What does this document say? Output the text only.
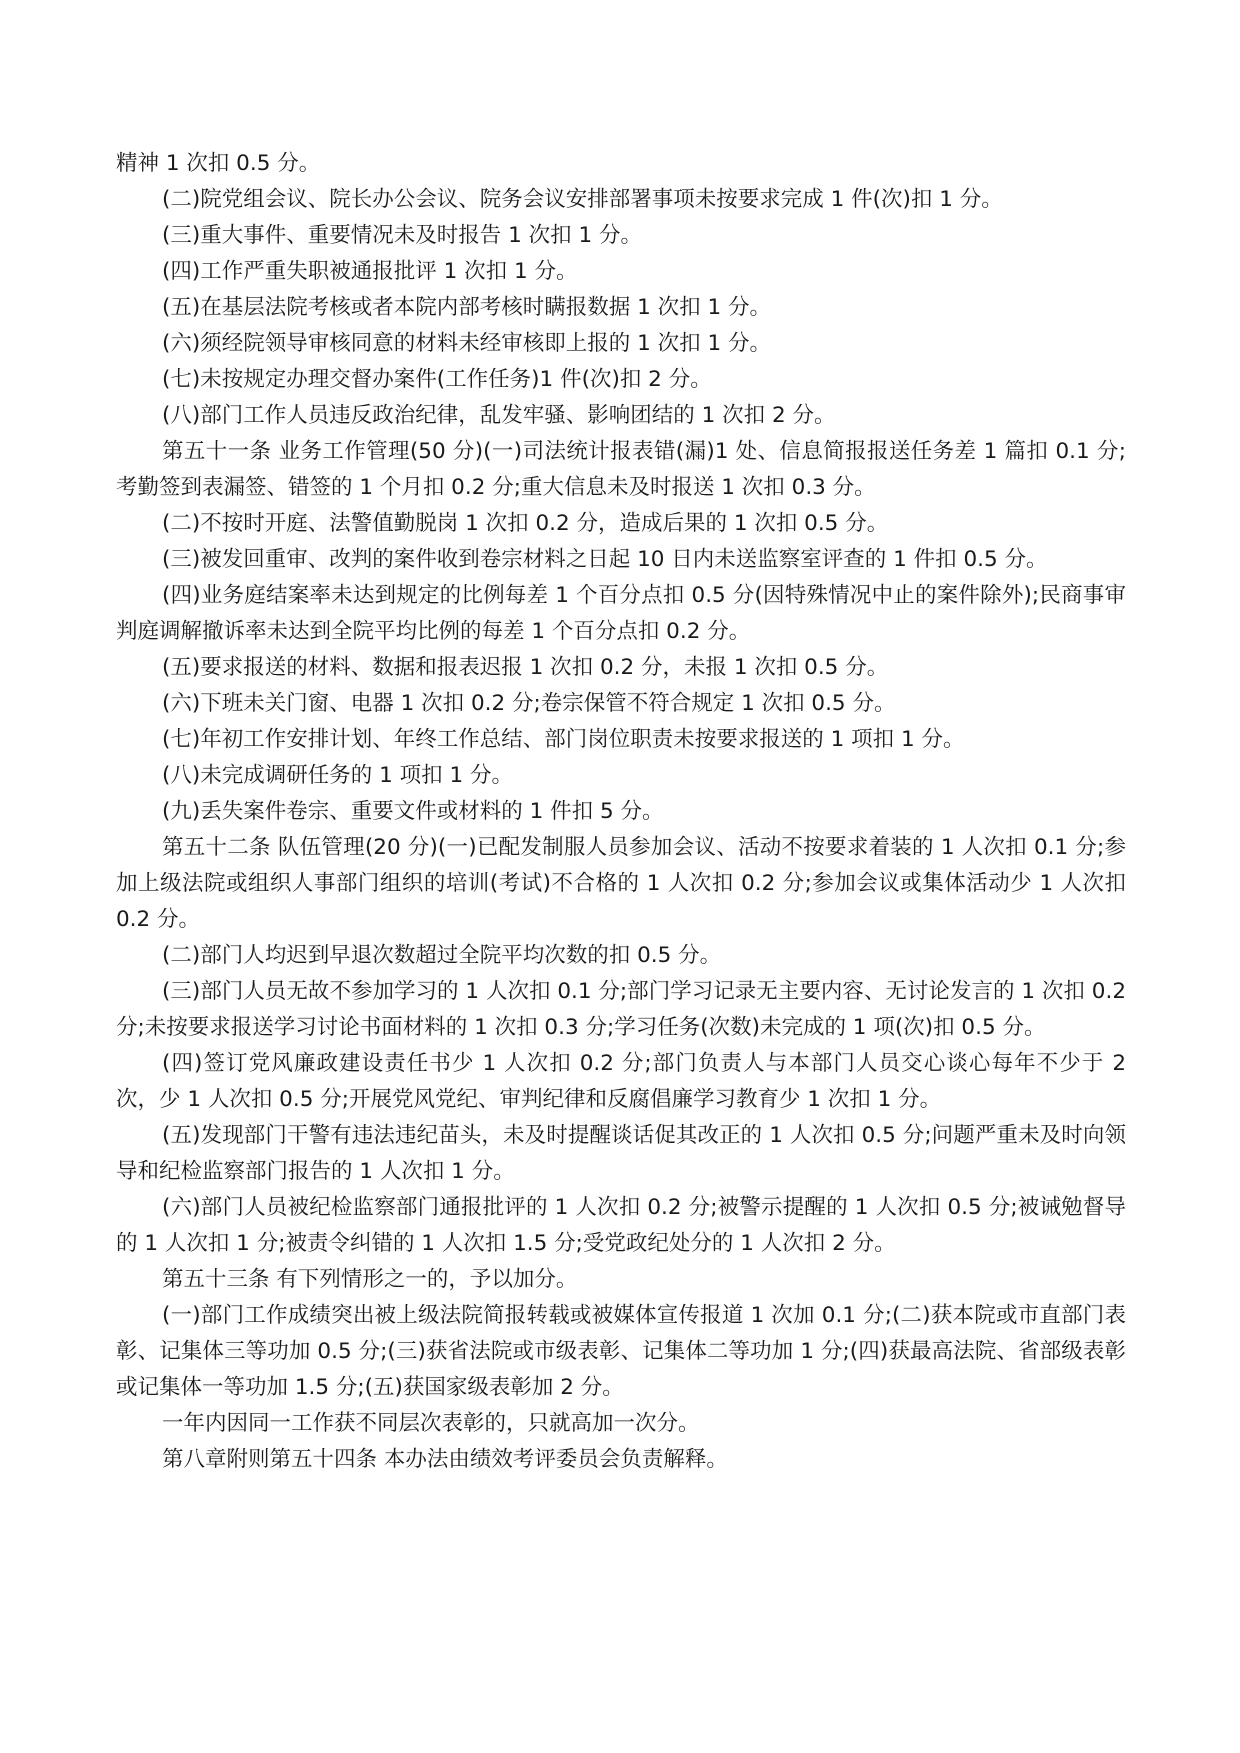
精神 1 次扣 0.5 分。

(二)院党组会议、院长办公会议、院务会议安排部署事项未按要求完成 1 件(次)扣 1 分。

(三)重大事件、重要情况未及时报告 1 次扣 1 分。

(四)工作严重失职被通报批评 1 次扣 1 分。

(五)在基层法院考核或者本院内部考核时瞒报数据 1 次扣 1 分。

(六)须经院领导审核同意的材料未经审核即上报的 1 次扣 1 分。

(七)未按规定办理交督办案件(工作任务)1 件(次)扣 2 分。

(八)部门工作人员违反政治纪律，乱发牢骚、影响团结的 1 次扣 2 分。

第五十一条 业务工作管理(50 分)(一)司法统计报表错(漏)1 处、信息简报报送任务差 1 篇扣 0.1 分;考勤签到表漏签、错签的 1 个月扣 0.2 分;重大信息未及时报送 1 次扣 0.3 分。

(二)不按时开庭、法警值勤脱岗 1 次扣 0.2 分，造成后果的 1 次扣 0.5 分。

(三)被发回重审、改判的案件收到卷宗材料之日起 10 日内未送监察室评查的 1 件扣 0.5 分。

(四)业务庭结案率未达到规定的比例每差 1 个百分点扣 0.5 分(因特殊情况中止的案件除外);民商事审判庭调解撤诉率未达到全院平均比例的每差 1 个百分点扣 0.2 分。

(五)要求报送的材料、数据和报表迟报 1 次扣 0.2 分，未报 1 次扣 0.5 分。

(六)下班未关门窗、电器 1 次扣 0.2 分;卷宗保管不符合规定 1 次扣 0.5 分。

(七)年初工作安排计划、年终工作总结、部门岗位职责未按要求报送的 1 项扣 1 分。

(八)未完成调研任务的 1 项扣 1 分。

(九)丢失案件卷宗、重要文件或材料的 1 件扣 5 分。

第五十二条 队伍管理(20 分)(一)已配发制服人员参加会议、活动不按要求着装的 1 人次扣 0.1 分;参加上级法院或组织人事部门组织的培训(考试)不合格的 1 人次扣 0.2 分;参加会议或集体活动少 1 人次扣 0.2 分。

(二)部门人均迟到早退次数超过全院平均次数的扣 0.5 分。

(三)部门人员无故不参加学习的 1 人次扣 0.1 分;部门学习记录无主要内容、无讨论发言的 1 次扣 0.2 分;未按要求报送学习讨论书面材料的 1 次扣 0.3 分;学习任务(次数)未完成的 1 项(次)扣 0.5 分。

(四)签订党风廉政建设责任书少 1 人次扣 0.2 分;部门负责人与本部门人员交心谈心每年不少于 2 次，少 1 人次扣 0.5 分;开展党风党纪、审判纪律和反腐倡廉学习教育少 1 次扣 1 分。

(五)发现部门干警有违法违纪苗头，未及时提醒谈话促其改正的 1 人次扣 0.5 分;问题严重未及时向领导和纪检监察部门报告的 1 人次扣 1 分。

(六)部门人员被纪检监察部门通报批评的 1 人次扣 0.2 分;被警示提醒的 1 人次扣 0.5 分;被诫勉督导的 1 人次扣 1 分;被责令纠错的 1 人次扣 1.5 分;受党政纪处分的 1 人次扣 2 分。

第五十三条 有下列情形之一的，予以加分。

(一)部门工作成绩突出被上级法院简报转载或被媒体宣传报道 1 次加 0.1 分;(二)获本院或市直部门表彰、记集体三等功加 0.5 分;(三)获省法院或市级表彰、记集体二等功加 1 分;(四)获最高法院、省部级表彰或记集体一等功加 1.5 分;(五)获国家级表彰加 2 分。

一年内因同一工作获不同层次表彰的，只就高加一次分。

第八章附则第五十四条 本办法由绩效考评委员会负责解释。
